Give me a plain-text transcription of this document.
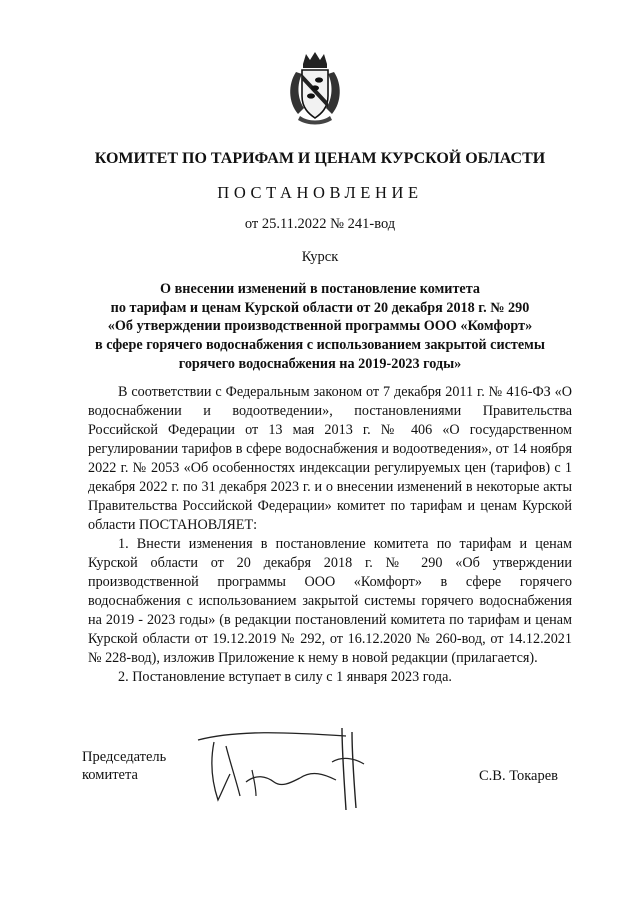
КОМИТЕТ ПО ТАРИФАМ И ЦЕНАМ КУРСКОЙ ОБЛАСТИ
ПОСТАНОВЛЕНИЕ
от 25.11.2022 № 241-вод
Курск
О внесении изменений в постановление комитета
по тарифам и ценам Курской области от 20 декабря 2018 г. № 290
«Об утверждении производственной программы ООО «Комфорт»
в сфере горячего водоснабжения с использованием закрытой системы
горячего водоснабжения на 2019-2023 годы»

В соответствии с Федеральным законом от 7 декабря 2011 г. № 416-ФЗ «О водоснабжении и водоотведении», постановлениями Правительства Российской Федерации от 13 мая 2013 г. № 406 «О государственном регулировании тарифов в сфере водоснабжения и водоотведения», от 14 ноября 2022 г. № 2053 «Об особенностях индексации регулируемых цен (тарифов) с 1 декабря 2022 г. по 31 декабря 2023 г. и о внесении изменений в некоторые акты Правительства Российской Федерации» комитет по тарифам и ценам Курской области ПОСТАНОВЛЯЕТ:

1. Внести изменения в постановление комитета по тарифам и ценам Курской области от 20 декабря 2018 г. № 290 «Об утверждении производственной программы ООО «Комфорт» в сфере горячего водоснабжения с использованием закрытой системы горячего водоснабжения на 2019 - 2023 годы» (в редакции постановлений комитета по тарифам и ценам Курской области от 19.12.2019 № 292, от 16.12.2020 № 260-вод, от 14.12.2021 № 228-вод), изложив Приложение к нему в новой редакции (прилагается).

2. Постановление вступает в силу с 1 января 2023 года.

Председатель
комитета	С.В. Токарев
